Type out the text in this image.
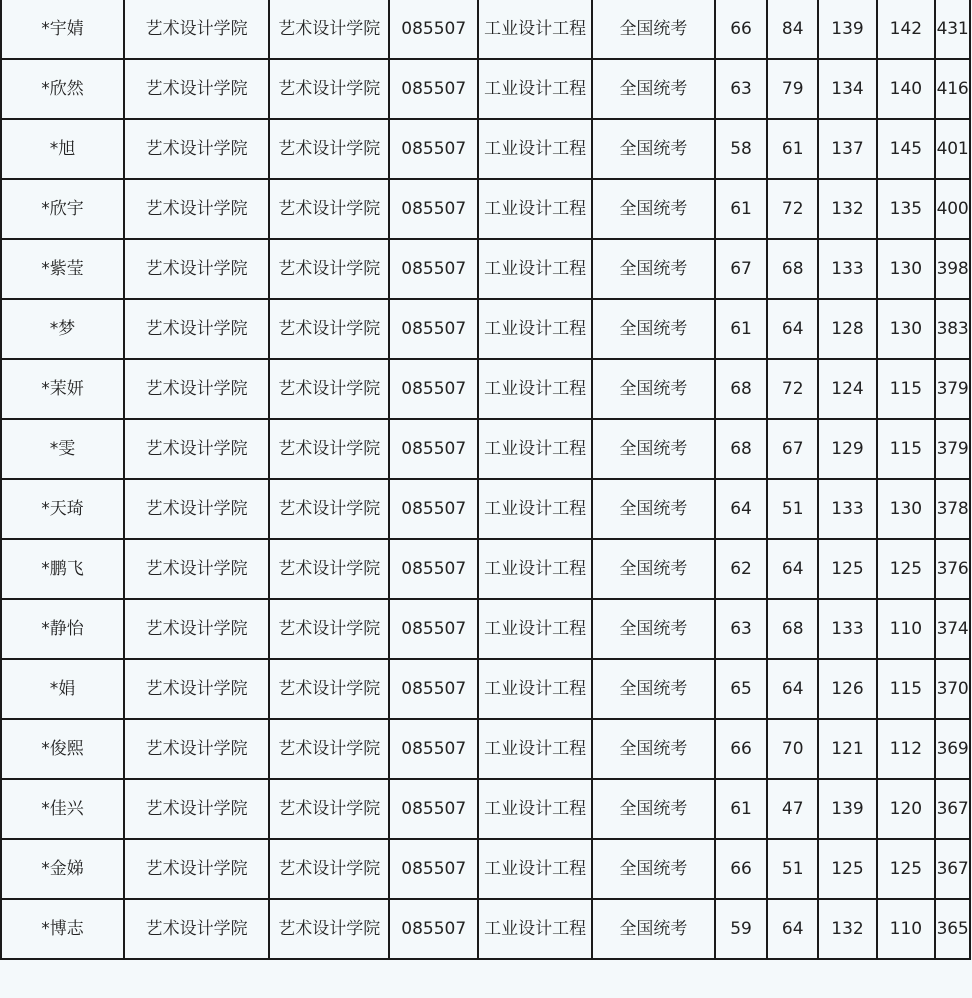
*宇婧	艺术设计学院	艺术设计学院	085507	工业设计工程	全国统考	66	84	139	142	431
*欣然	艺术设计学院	艺术设计学院	085507	工业设计工程	全国统考	63	79	134	140	416
*旭	艺术设计学院	艺术设计学院	085507	工业设计工程	全国统考	58	61	137	145	401
*欣宇	艺术设计学院	艺术设计学院	085507	工业设计工程	全国统考	61	72	132	135	400
*紫莹	艺术设计学院	艺术设计学院	085507	工业设计工程	全国统考	67	68	133	130	398
*梦	艺术设计学院	艺术设计学院	085507	工业设计工程	全国统考	61	64	128	130	383
*茉妍	艺术设计学院	艺术设计学院	085507	工业设计工程	全国统考	68	72	124	115	379
*雯	艺术设计学院	艺术设计学院	085507	工业设计工程	全国统考	68	67	129	115	379
*天琦	艺术设计学院	艺术设计学院	085507	工业设计工程	全国统考	64	51	133	130	378
*鹏飞	艺术设计学院	艺术设计学院	085507	工业设计工程	全国统考	62	64	125	125	376
*静怡	艺术设计学院	艺术设计学院	085507	工业设计工程	全国统考	63	68	133	110	374
*娟	艺术设计学院	艺术设计学院	085507	工业设计工程	全国统考	65	64	126	115	370
*俊熙	艺术设计学院	艺术设计学院	085507	工业设计工程	全国统考	66	70	121	112	369
*佳兴	艺术设计学院	艺术设计学院	085507	工业设计工程	全国统考	61	47	139	120	367
*金娣	艺术设计学院	艺术设计学院	085507	工业设计工程	全国统考	66	51	125	125	367
*博志	艺术设计学院	艺术设计学院	085507	工业设计工程	全国统考	59	64	132	110	365
